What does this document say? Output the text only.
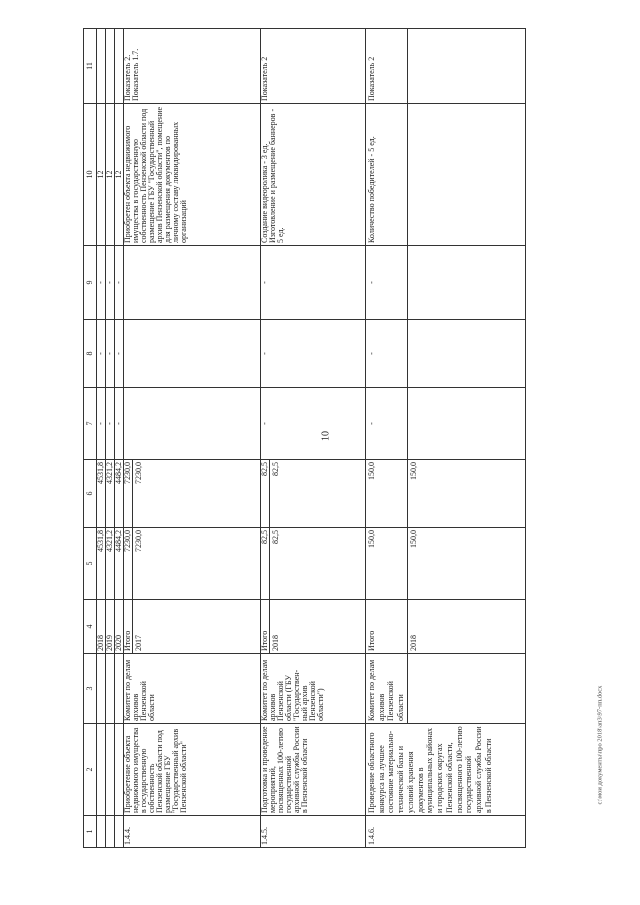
10
c:\мои документы\про 2018\ап3\97-пп.docx
1	2	3	4	5	6	7	8	9	10	11
			2018	4531,8	4531,8	-	-	-	12	
			2019	4321,2	4321,2	-	-	-	12	
			2020	4484,2	4484,2	-	-	-	12	
1.4.4.	Приобретение объекта недвижимого имущества в государственную собственность Пензенской области под размещение ГБУ "Государственный архив Пензенской области"	Комитет по делам архивов Пензенской области	Итого	7230,0	7230,0				Приобретен объекта недвижимого имущества в государственную собственность Пензенской области под размещение ГБУ "Государственный архив Пензенской области", помещение для размещения документов по личному составу ликвидированных организаций	Показатель 2. Показатель 1.7.
			2017	7230,0	7230,0					
1.4.5.	Подготовка и проведение мероприятий, посвященных 100-летию государственной архивной службы России в Пензенской области	Комитет по делам архивов Пензенской области (ГБУ "Государствен-ный архив Пензенской области")	Итого	82,5	82,5	-	-	-	Создание видеоролика - 3 ед. Изготовление и размещение баннеров - 5 ед.	Показатель 2
			2018	82,5	82,5					
1.4.6.	Проведение областного конкурса на лучшее состояние материально-технической базы и условий хранения документов в муниципальных районах и городских округах Пензенской области, посвященного 100-летию государственной архивной службы России в Пензенской области	Комитет по делам архивов Пензенской области	Итого	150,0	150,0	-	-	-	Количество победителей - 5 ед.	Показатель 2
			2018	150,0	150,0					
